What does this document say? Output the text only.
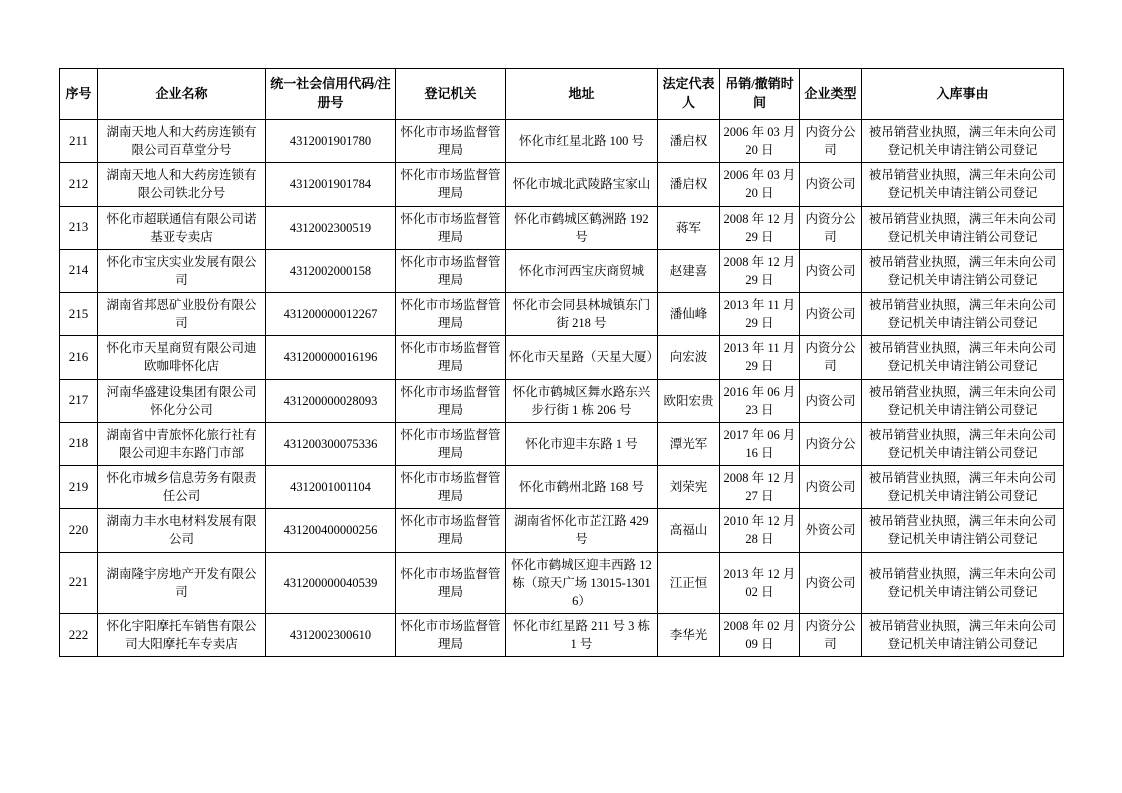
序号	企业名称	统一社会信用代码/注册号	登记机关	地址	法定代表人	吊销/撤销时间	企业类型	入库事由
211	湖南天地人和大药房连锁有限公司百草堂分号	4312001901780	怀化市市场监督管理局	怀化市红星北路 100 号	潘启权	2006 年 03 月 20 日	内资分公司	被吊销营业执照，满三年未向公司登记机关申请注销公司登记
212	湖南天地人和大药房连锁有限公司铁北分号	4312001901784	怀化市市场监督管理局	怀化市城北武陵路宝家山	潘启权	2006 年 03 月 20 日	内资公司	被吊销营业执照，满三年未向公司登记机关申请注销公司登记
213	怀化市超联通信有限公司诺基亚专卖店	4312002300519	怀化市市场监督管理局	怀化市鹤城区鹤洲路 192 号	蒋军	2008 年 12 月 29 日	内资分公司	被吊销营业执照，满三年未向公司登记机关申请注销公司登记
214	怀化市宝庆实业发展有限公司	4312002000158	怀化市市场监督管理局	怀化市河西宝庆商贸城	赵建喜	2008 年 12 月 29 日	内资公司	被吊销营业执照，满三年未向公司登记机关申请注销公司登记
215	湖南省邦恩矿业股份有限公司	431200000012267	怀化市市场监督管理局	怀化市会同县林城镇东门街 218 号	潘仙峰	2013 年 11 月 29 日	内资公司	被吊销营业执照，满三年未向公司登记机关申请注销公司登记
216	怀化市天星商贸有限公司迪欧咖啡怀化店	431200000016196	怀化市市场监督管理局	怀化市天星路（天星大厦）	向宏波	2013 年 11 月 29 日	内资分公司	被吊销营业执照，满三年未向公司登记机关申请注销公司登记
217	河南华盛建设集团有限公司怀化分公司	431200000028093	怀化市市场监督管理局	怀化市鹤城区舞水路东兴步行街 1 栋 206 号	欧阳宏贵	2016 年 06 月 23 日	内资公司	被吊销营业执照，满三年未向公司登记机关申请注销公司登记
218	湖南省中青旅怀化旅行社有限公司迎丰东路门市部	431200300075336	怀化市市场监督管理局	怀化市迎丰东路 1 号	潭光军	2017 年 06 月 16 日	内资分公	被吊销营业执照，满三年未向公司登记机关申请注销公司登记
219	怀化市城乡信息劳务有限责任公司	4312001001104	怀化市市场监督管理局	怀化市鹤州北路 168 号	刘荣宪	2008 年 12 月 27 日	内资公司	被吊销营业执照，满三年未向公司登记机关申请注销公司登记
220	湖南力丰水电材料发展有限公司	431200400000256	怀化市市场监督管理局	湖南省怀化市芷江路 429 号	高福山	2010 年 12 月 28 日	外资公司	被吊销营业执照，满三年未向公司登记机关申请注销公司登记
221	湖南隆宇房地产开发有限公司	431200000040539	怀化市市场监督管理局	怀化市鹤城区迎丰西路 12 栋（琼天广场 13015-13016）	江正恒	2013 年 12 月 02 日	内资公司	被吊销营业执照，满三年未向公司登记机关申请注销公司登记
222	怀化宇阳摩托车销售有限公司大阳摩托车专卖店	4312002300610	怀化市市场监督管理局	怀化市红星路 211 号 3 栋 1 号	李华光	2008 年 02 月 09 日	内资分公司	被吊销营业执照，满三年未向公司登记机关申请注销公司登记
